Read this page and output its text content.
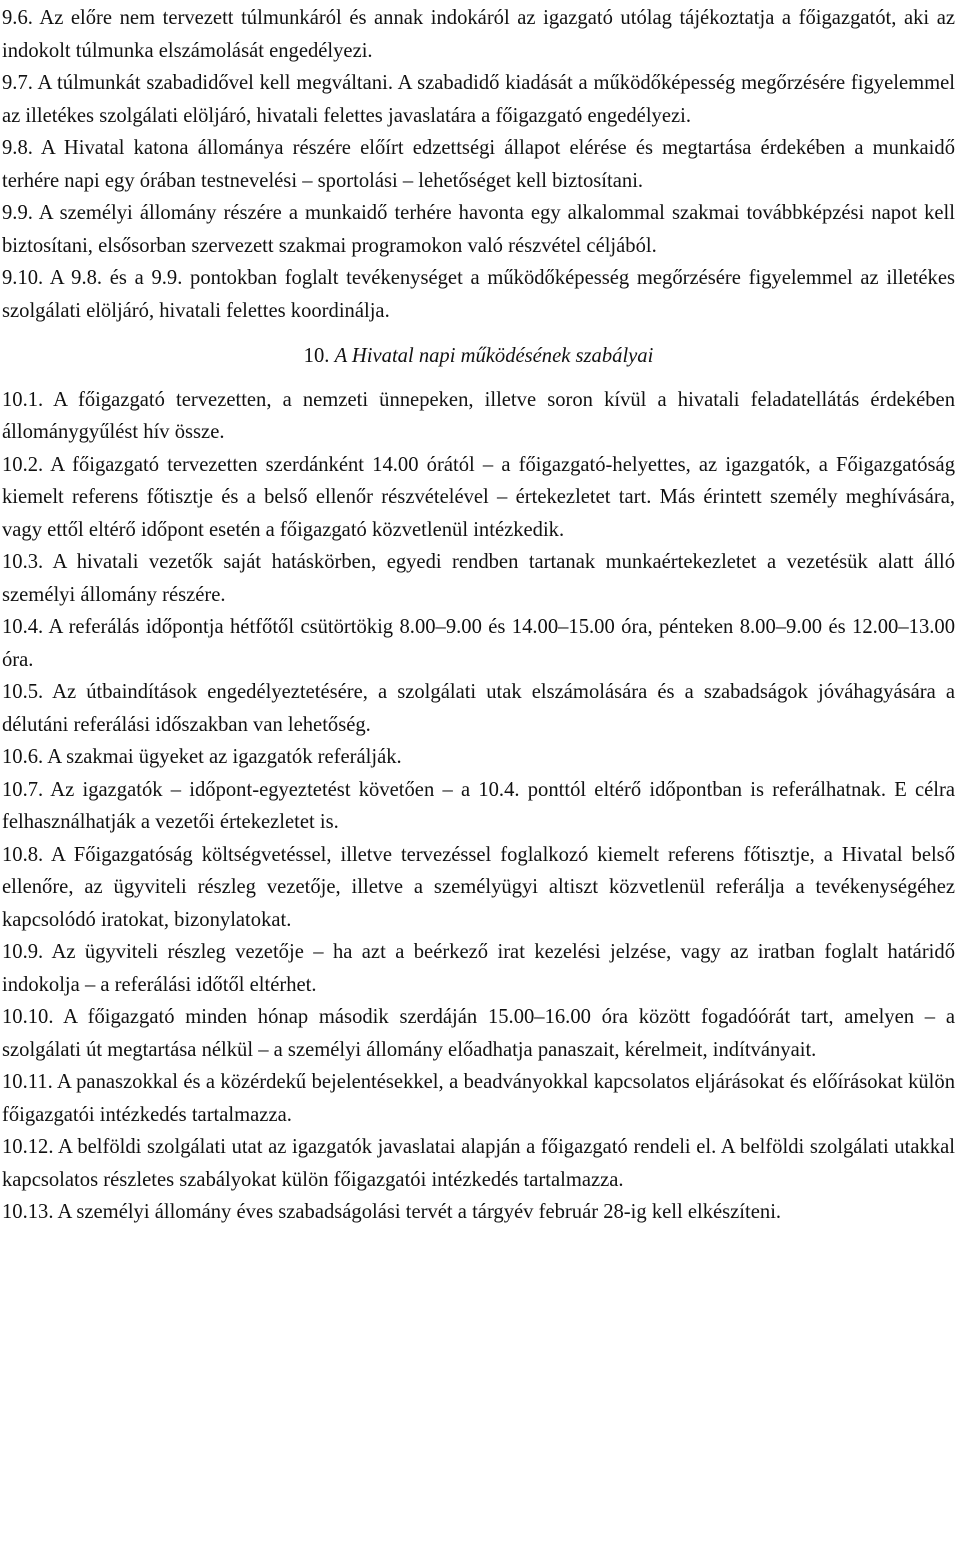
9.6. Az előre nem tervezett túlmunkáról és annak indokáról az igazgató utólag tájékoztatja a főigazgatót, aki az indokolt túlmunka elszámolását engedélyezi.

9.7. A túlmunkát szabadidővel kell megváltani. A szabadidő kiadását a működőképesség megőrzésére figyelemmel az illetékes szolgálati elöljáró, hivatali felettes javaslatára a főigazgató engedélyezi.

9.8. A Hivatal katona állománya részére előírt edzettségi állapot elérése és megtartása érdekében a munkaidő terhére napi egy órában testnevelési – sportolási – lehetőséget kell biztosítani.

9.9. A személyi állomány részére a munkaidő terhére havonta egy alkalommal szakmai továbbképzési napot kell biztosítani, elsősorban szervezett szakmai programokon való részvétel céljából.

9.10. A 9.8. és a 9.9. pontokban foglalt tevékenységet a működőképesség megőrzésére figyelemmel az illetékes szolgálati elöljáró, hivatali felettes koordinálja.

10. A Hivatal napi működésének szabályai

10.1. A főigazgató tervezetten, a nemzeti ünnepeken, illetve soron kívül a hivatali feladatellátás érdekében állománygyűlést hív össze.

10.2. A főigazgató tervezetten szerdánként 14.00 órától – a főigazgató-helyettes, az igazgatók, a Főigazgatóság kiemelt referens főtisztje és a belső ellenőr részvételével – értekezletet tart. Más érintett személy meghívására, vagy ettől eltérő időpont esetén a főigazgató közvetlenül intézkedik.

10.3. A hivatali vezetők saját hatáskörben, egyedi rendben tartanak munkaértekezletet a vezetésük alatt álló személyi állomány részére.

10.4. A referálás időpontja hétfőtől csütörtökig 8.00–9.00 és 14.00–15.00 óra, pénteken 8.00–9.00 és 12.00–13.00 óra.

10.5. Az útbaindítások engedélyeztetésére, a szolgálati utak elszámolására és a szabadságok jóváhagyására a délutáni referálási időszakban van lehetőség.

10.6. A szakmai ügyeket az igazgatók referálják.

10.7. Az igazgatók – időpont-egyeztetést követően – a 10.4. ponttól eltérő időpontban is referálhatnak. E célra felhasználhatják a vezetői értekezletet is.

10.8. A Főigazgatóság költségvetéssel, illetve tervezéssel foglalkozó kiemelt referens főtisztje, a Hivatal belső ellenőre, az ügyviteli részleg vezetője, illetve a személyügyi altiszt közvetlenül referálja a tevékenységéhez kapcsolódó iratokat, bizonylatokat.

10.9. Az ügyviteli részleg vezetője – ha azt a beérkező irat kezelési jelzése, vagy az iratban foglalt határidő indokolja – a referálási időtől eltérhet.

10.10. A főigazgató minden hónap második szerdáján 15.00–16.00 óra között fogadóórát tart, amelyen – a szolgálati út megtartása nélkül – a személyi állomány előadhatja panaszait, kérelmeit, indítványait.

10.11. A panaszokkal és a közérdekű bejelentésekkel, a beadványokkal kapcsolatos eljárásokat és előírásokat külön főigazgatói intézkedés tartalmazza.

10.12. A belföldi szolgálati utat az igazgatók javaslatai alapján a főigazgató rendeli el. A belföldi szolgálati utakkal kapcsolatos részletes szabályokat külön főigazgatói intézkedés tartalmazza.

10.13. A személyi állomány éves szabadságolási tervét a tárgyév február 28-ig kell elkészíteni.
